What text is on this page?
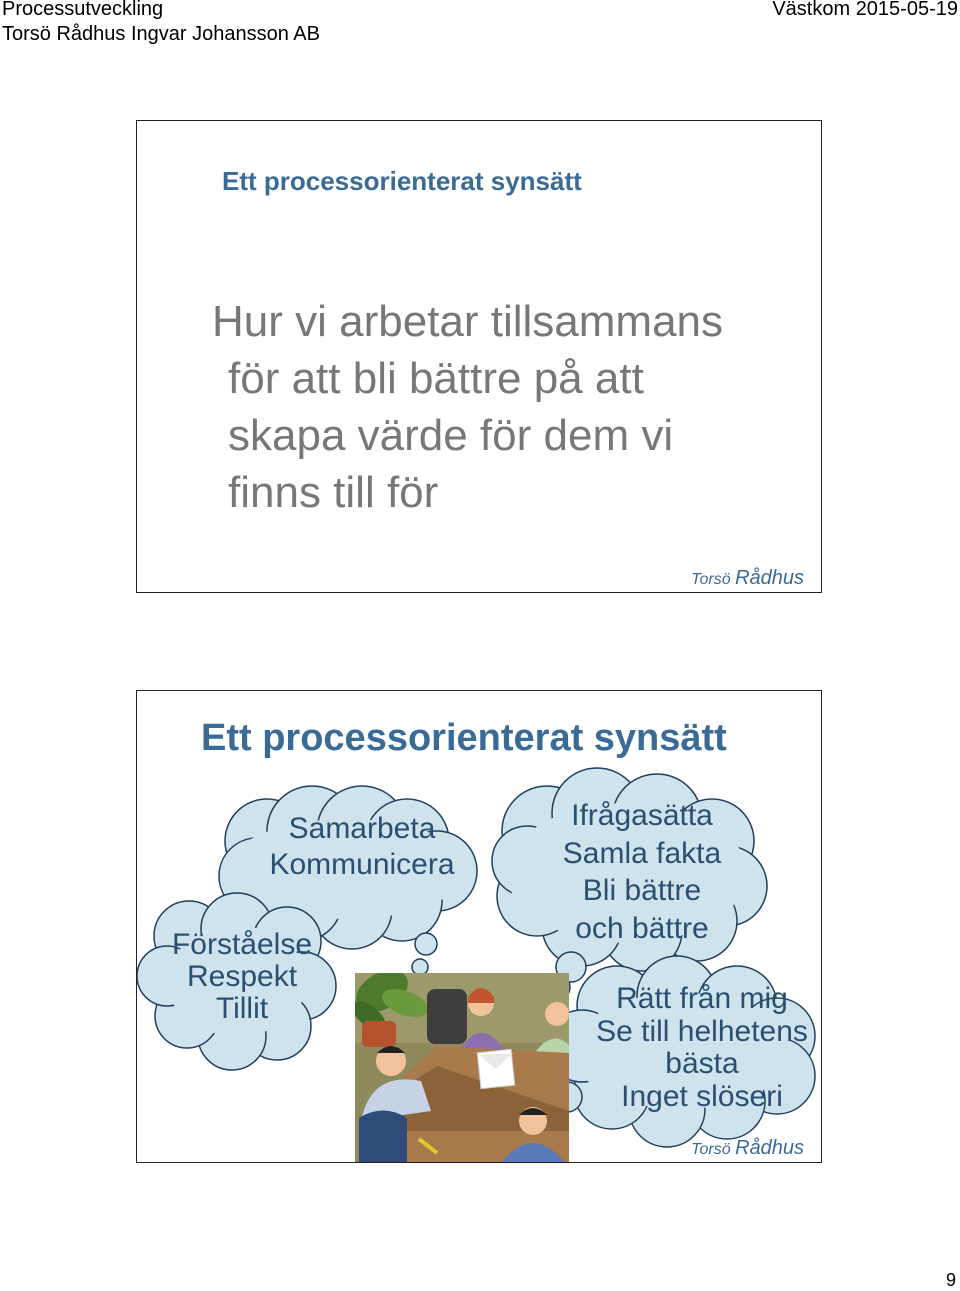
Processutveckling
Torsö Rådhus Ingvar Johansson AB
Västkom 2015-05-19
Ett processorienterat synsätt
Hur vi arbetar tillsammans
för att bli bättre på att
skapa värde för dem vi
finns till för
Torsö Rådhus
Ett processorienterat synsätt
Samarbeta
Kommunicera
Ifrågasätta
Samla fakta
Bli bättre
och bättre
Förståelse
Respekt
Tillit	Rätt från mig
Se till helhetens
bästa
Inget slöseri
Torsö Rådhus
9
